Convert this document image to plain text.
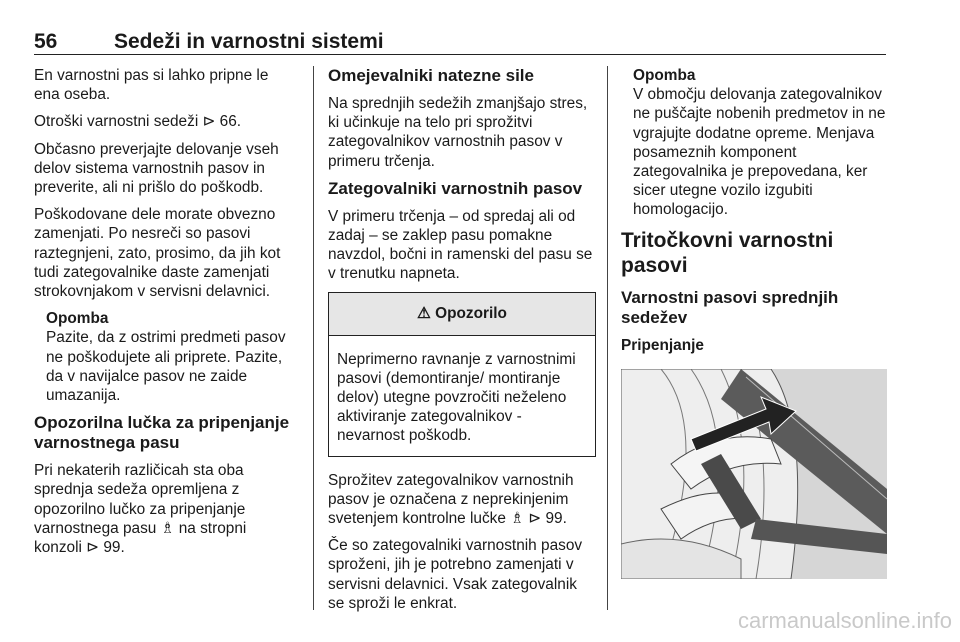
56	Sedeži in varnostni sistemi

En varnostni pas si lahko pripne le ena oseba.

Otroški varnostni sedeži ⊳ 66.

Občasno preverjajte delovanje vseh delov sistema varnostnih pasov in preverite, ali ni prišlo do poškodb.

Poškodovane dele morate obvezno zamenjati. Po nesreči so pasovi raztegnjeni, zato, prosimo, da jih kot tudi zategovalnike daste zamenjati strokovnjakom v servisni delavnici.

Opomba
Pazite, da z ostrimi predmeti pasov ne poškodujete ali priprete. Pazite, da v navijalce pasov ne zaide umazanija.
Opozorilna lučka za pripenjanje varnostnega pasu

Pri nekaterih različicah sta oba sprednja sedeža opremljena z opozorilno lučko za pripenjanje varnostnega pasu ♗ na stropni konzoli ⊳ 99.

Omejevalniki natezne sile

Na sprednjih sedežih zmanjšajo stres, ki učinkuje na telo pri sprožitvi zategovalnikov varnostnih pasov v primeru trčenja.

Zategovalniki varnostnih pasov

V primeru trčenja – od spredaj ali od zadaj – se zaklep pasu pomakne navzdol, bočni in ramenski del pasu se v trenutku napneta.

⚠ Opozorilo
Neprimerno ravnanje z varnostnimi pasovi (demontiranje/ montiranje delov) utegne povzročiti neželeno aktiviranje zategovalnikov - nevarnost poškodb.

Sprožitev zategovalnikov varnostnih pasov je označena z neprekinjenim svetenjem kontrolne lučke ♗ ⊳ 99.

Če so zategovalniki varnostnih pasov sproženi, jih je potrebno zamenjati v servisni delavnici. Vsak zategovalnik se sproži le enkrat.

Opomba
V območju delovanja zategovalnikov ne puščajte nobenih predmetov in ne vgrajujte dodatne opreme. Menjava posameznih komponent zategovalnika je prepovedana, ker sicer utegne vozilo izgubiti homologacijo.
Tritočkovni varnostni pasovi
Varnostni pasovi sprednjih sedežev
Pripenjanje
carmanualsonline.info
